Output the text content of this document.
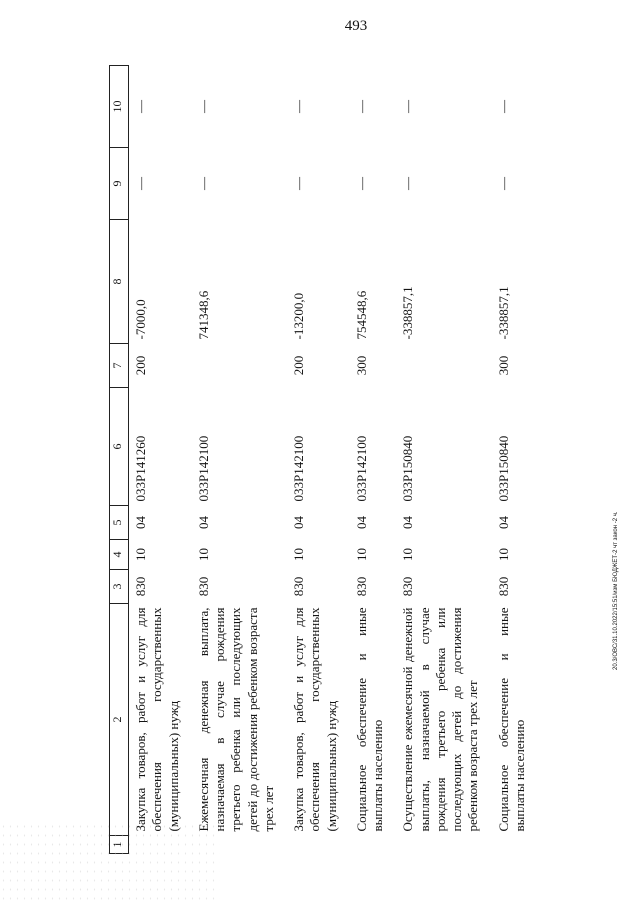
493
20.3/ОВС/31.10.2022/15:51/изм БЮДЖЕТ-2 чт закон -2 ч.
1	2	3	4	5	6	7	8	9	10
	Закупка товаров, работ и услуг для обеспечения государственных (муниципальных) нужд	830	10	04	033P141260	200	-7000,0	—	—
	Ежемесячная денежная выплата, назначаемая в случае рождения третьего ребенка или последующих детей до достижения ребенком возраста трех лет	830	10	04	033P142100		741348,6	—	—
	Закупка товаров, работ и услуг для обеспечения государственных (муниципальных) нужд	830	10	04	033P142100	200	-13200,0	—	—
	Социальное обеспечение и иные выплаты населению	830	10	04	033P142100	300	754548,6	—	—
	Осуществление ежемесячной денежной выплаты, назначаемой в случае рождения третьего ребенка или последующих детей до достижения ребенком возраста трех лет	830	10	04	033P150840		-338857,1	—	—
	Социальное обеспечение и иные выплаты населению	830	10	04	033P150840	300	-338857,1	—	—
